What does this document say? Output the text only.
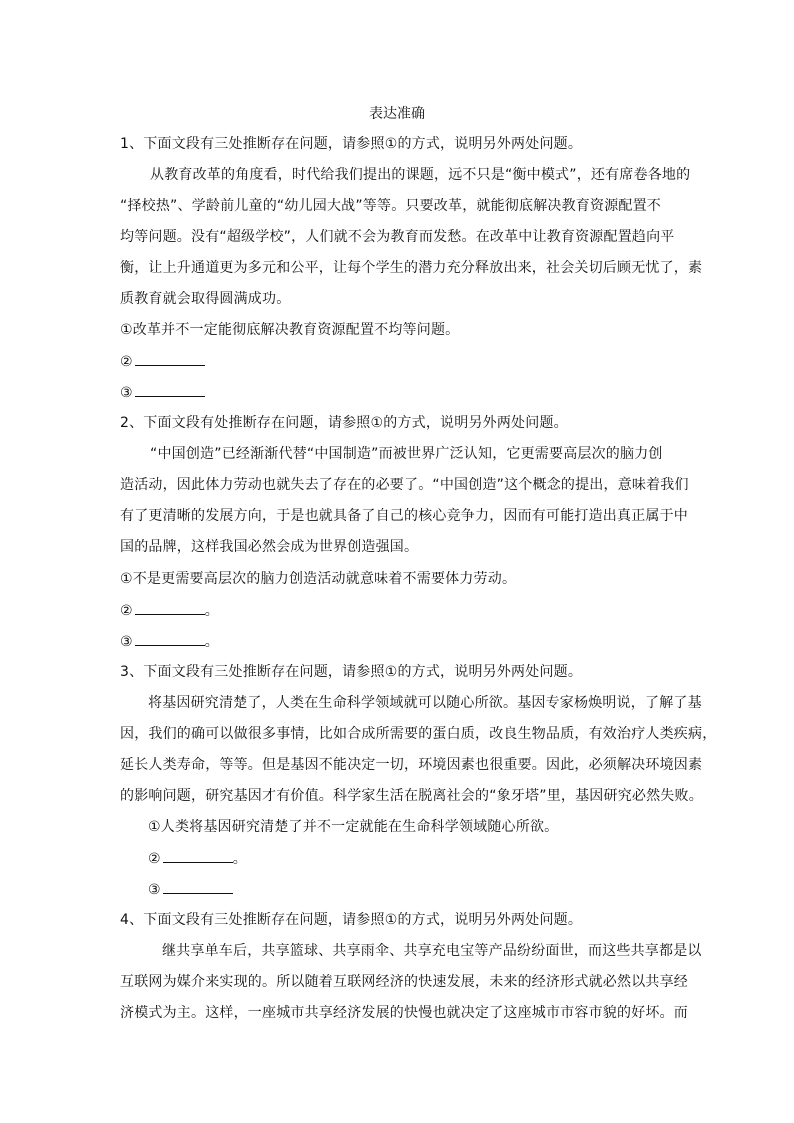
表达准确
1、下面文段有三处推断存在问题，请参照①的方式，说明另外两处问题。
从教育改革的角度看，时代给我们提出的课题，远不只是“衡中模式”，还有席卷各地的
“择校热”、学龄前儿童的“幼儿园大战”等等。只要改革，就能彻底解决教育资源配置不
均等问题。没有“超级学校”，人们就不会为教育而发愁。在改革中让教育资源配置趋向平
衡，让上升通道更为多元和公平，让每个学生的潜力充分释放出来，社会关切后顾无忧了，素
质教育就会取得圆满成功。
①改革并不一定能彻底解决教育资源配置不均等问题。
②
③
2、下面文段有处推断存在问题，请参照①的方式，说明另外两处问题。
“中国创造”已经渐渐代替“中国制造”而被世界广泛认知，它更需要高层次的脑力创
造活动，因此体力劳动也就失去了存在的必要了。“中国创造”这个概念的提出，意味着我们
有了更清晰的发展方向，于是也就具备了自己的核心竞争力，因而有可能打造出真正属于中
国的品牌，这样我国必然会成为世界创造强国。
①不是更需要高层次的脑力创造活动就意味着不需要体力劳动。
②	。
③	。
3、下面文段有三处推断存在问题，请参照①的方式，说明另外两处问题。
将基因研究清楚了，人类在生命科学领域就可以随心所欲。基因专家杨焕明说，了解了基
因，我们的确可以做很多事情，比如合成所需要的蛋白质，改良生物品质，有效治疗人类疾病，
延长人类寿命，等等。但是基因不能决定一切，环境因素也很重要。因此，必须解决环境因素
的影响问题，研究基因才有价值。科学家生活在脱离社会的“象牙塔”里，基因研究必然失败。
①人类将基因研究清楚了并不一定就能在生命科学领域随心所欲。
②	。
③
4、下面文段有三处推断存在问题，请参照①的方式，说明另外两处问题。
继共享单车后，共享篮球、共享雨伞、共享充电宝等产品纷纷面世，而这些共享都是以
互联网为媒介来实现的。所以随着互联网经济的快速发展，未来的经济形式就必然以共享经
济模式为主。这样，一座城市共享经济发展的快慢也就决定了这座城市市容市貌的好坏。而
